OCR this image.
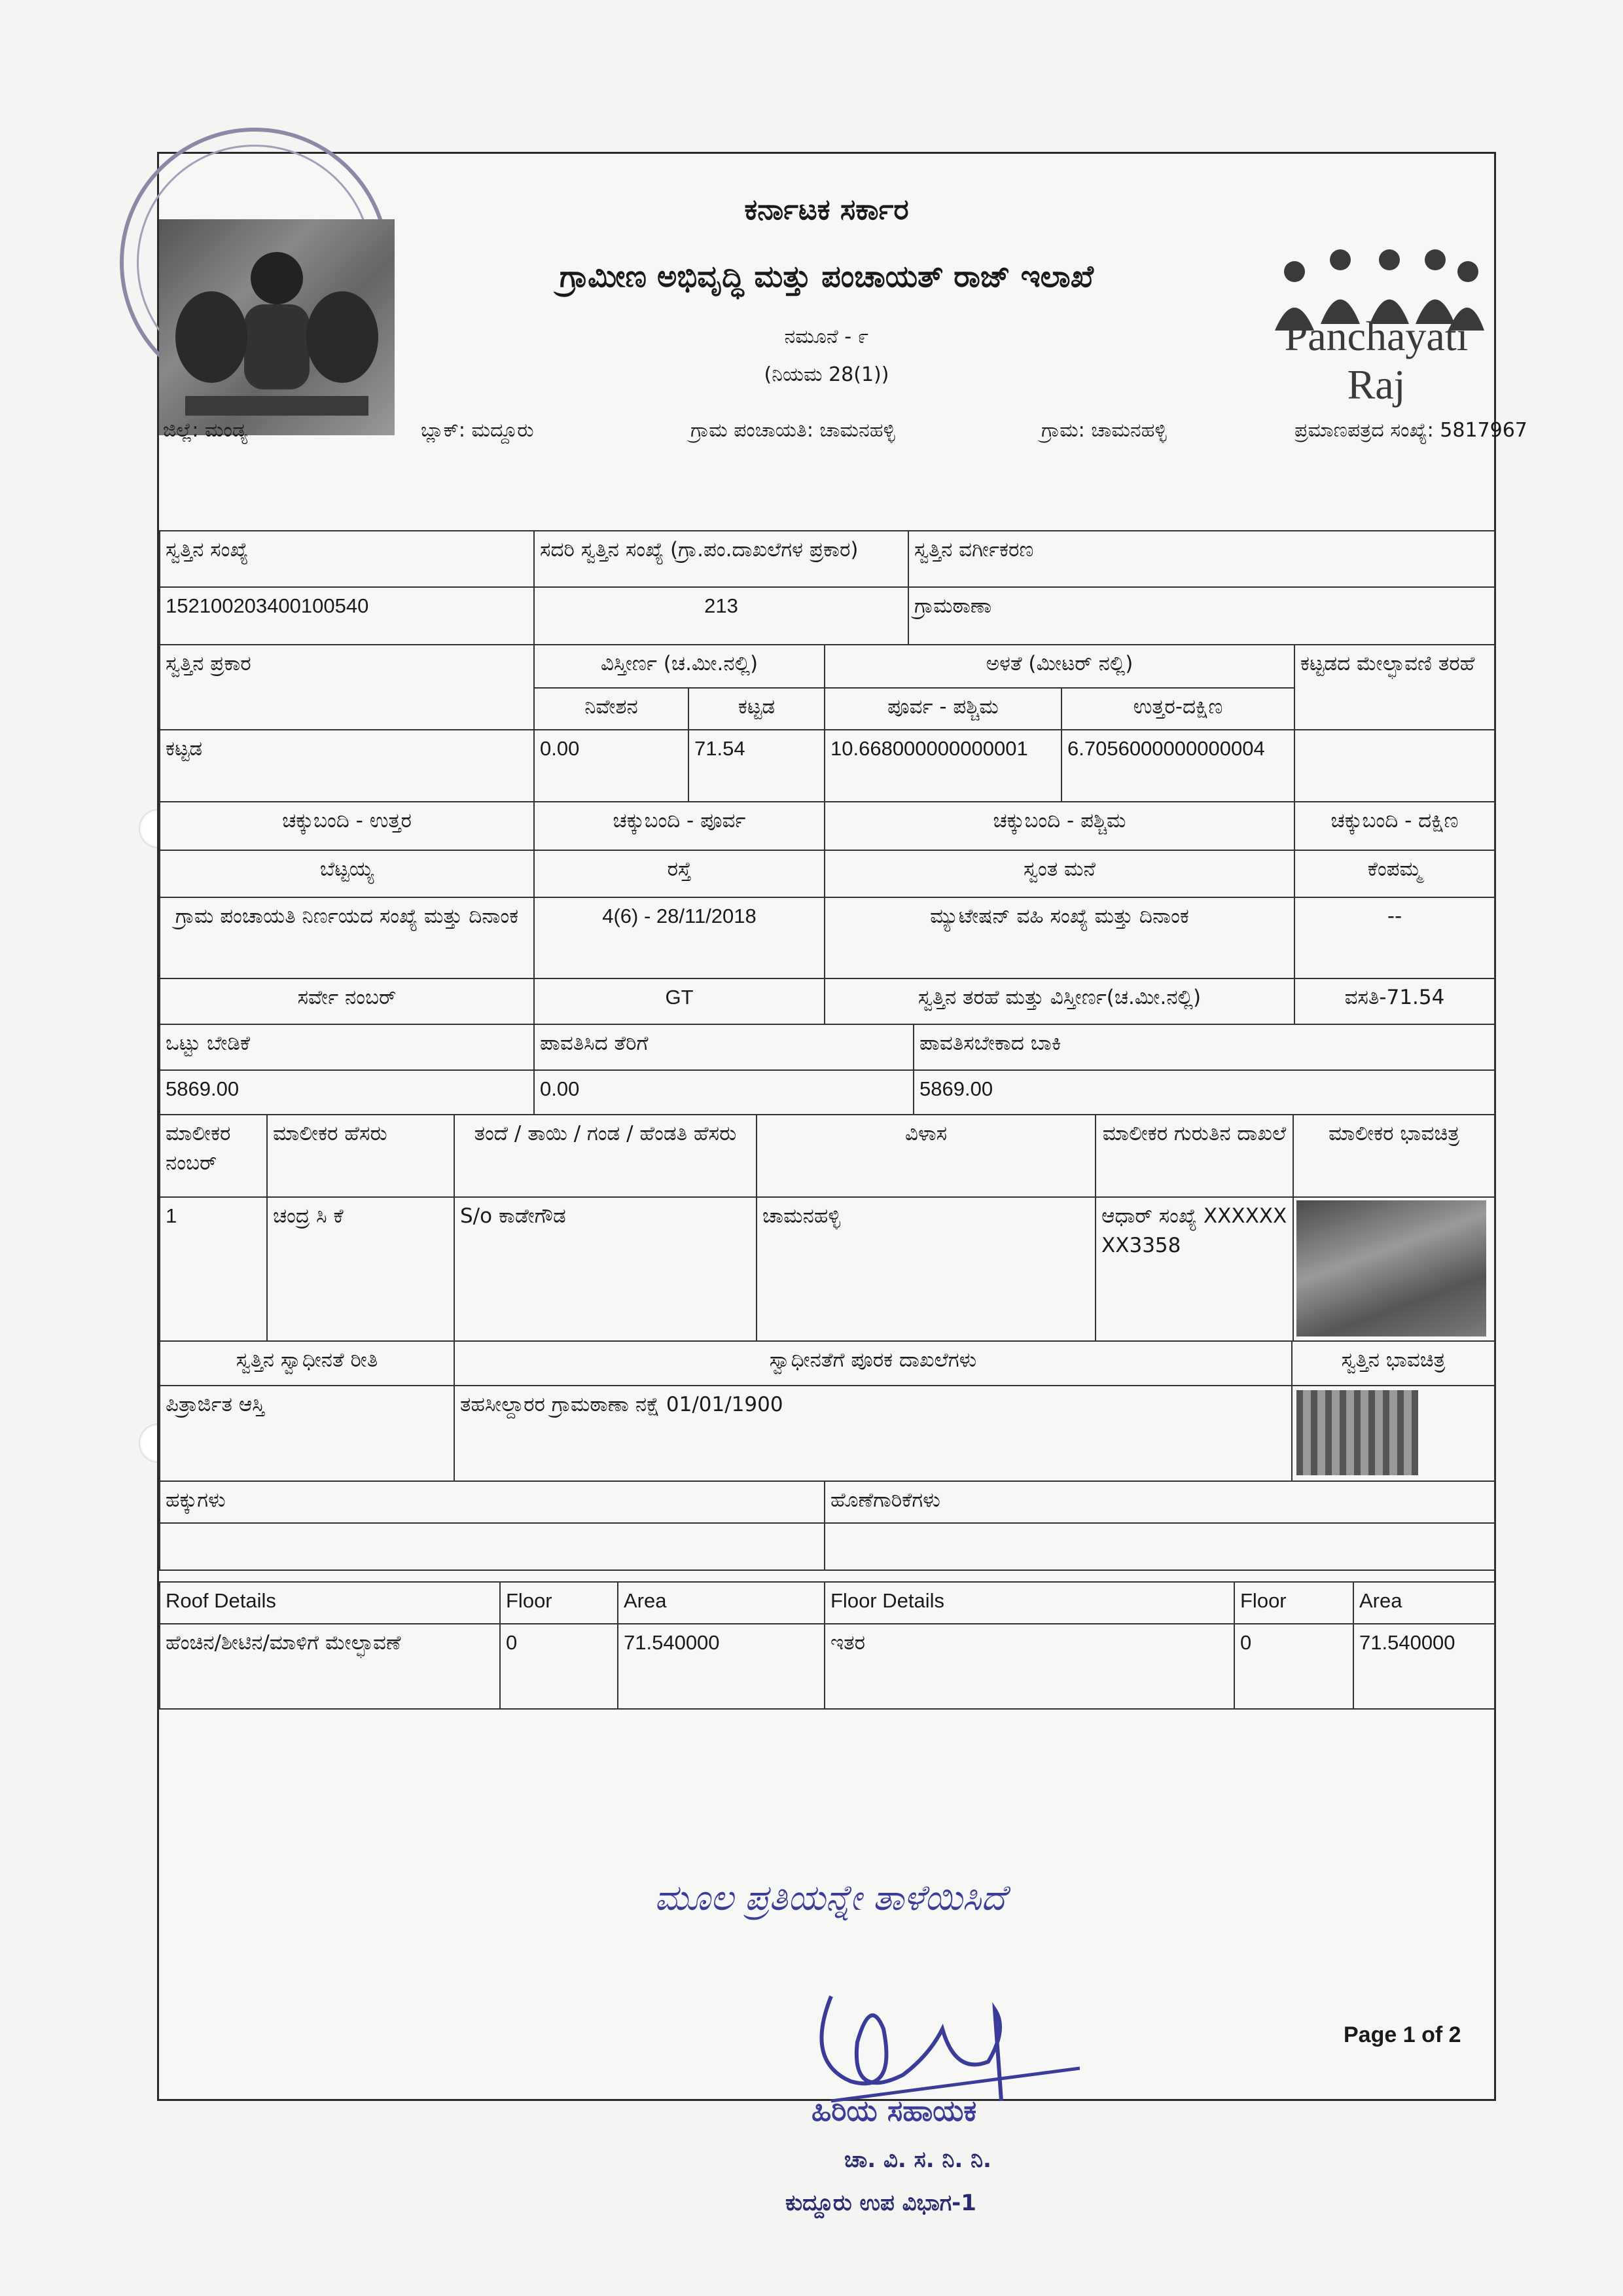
ಕರ್ನಾಟಕ ಸರ್ಕಾರ
ಗ್ರಾಮೀಣ ಅಭಿವೃದ್ಧಿ ಮತ್ತು ಪಂಚಾಯತ್ ರಾಜ್ ಇಲಾಖೆ
ನಮೂನೆ - ೯
(ನಿಯಮ 28(1))
Panchayati Raj
ಜಿಲ್ಲೆ: ಮಂಡ್ಯ	ಬ್ಲಾಕ್: ಮದ್ದೂರು	ಗ್ರಾಮ ಪಂಚಾಯತಿ: ಚಾಮನಹಳ್ಳಿ	ಗ್ರಾಮ: ಚಾಮನಹಳ್ಳಿ	ಪ್ರಮಾಣಪತ್ರದ ಸಂಖ್ಯೆ: 5817967
ಸ್ವತ್ತಿನ ಸಂಖ್ಯೆ	ಸದರಿ ಸ್ವತ್ತಿನ ಸಂಖ್ಯೆ (ಗ್ರಾ.ಪಂ.ದಾಖಲೆಗಳ ಪ್ರಕಾರ)	ಸ್ವತ್ತಿನ ವರ್ಗೀಕರಣ
152100203400100540	213	ಗ್ರಾಮಠಾಣಾ
ಸ್ವತ್ತಿನ ಪ್ರಕಾರ	ವಿಸ್ತೀರ್ಣ (ಚ.ಮೀ.ನಲ್ಲಿ)		ಅಳತೆ (ಮೀಟರ್ ನಲ್ಲಿ)		ಕಟ್ಟಡದ ಮೇಲ್ಛಾವಣಿ ತರಹೆ
	ನಿವೇಶನ	ಕಟ್ಟಡ	ಪೂರ್ವ - ಪಶ್ಚಿಮ	ಉತ್ತರ-ದಕ್ಷಿಣ	
ಕಟ್ಟಡ	0.00	71.54	10.668000000000001	6.7056000000000004	
ಚಕ್ಕುಬಂದಿ - ಉತ್ತರ	ಚಕ್ಕುಬಂದಿ - ಪೂರ್ವ	ಚಕ್ಕುಬಂದಿ - ಪಶ್ಚಿಮ	ಚಕ್ಕುಬಂದಿ - ದಕ್ಷಿಣ
ಬೆಟ್ಟಯ್ಯ	ರಸ್ತೆ	ಸ್ವಂತ ಮನೆ	ಕೆಂಪಮ್ಮ
ಗ್ರಾಮ ಪಂಚಾಯತಿ ನಿರ್ಣಯದ ಸಂಖ್ಯೆ ಮತ್ತು ದಿನಾಂಕ	4(6) - 28/11/2018	ಮ್ಯುಟೇಷನ್ ವಹಿ ಸಂಖ್ಯೆ ಮತ್ತು ದಿನಾಂಕ	--
ಸರ್ವೇ ನಂಬರ್	GT	ಸ್ವತ್ತಿನ ತರಹೆ ಮತ್ತು ವಿಸ್ತೀರ್ಣ(ಚ.ಮೀ.ನಲ್ಲಿ)	ವಸತಿ-71.54
ಒಟ್ಟು ಬೇಡಿಕೆ	ಪಾವತಿಸಿದ ತೆರಿಗೆ	ಪಾವತಿಸಬೇಕಾದ ಬಾಕಿ
5869.00	0.00	5869.00
ಮಾಲೀಕರ ನಂಬರ್	ಮಾಲೀಕರ ಹೆಸರು	ತಂದೆ / ತಾಯಿ / ಗಂಡ / ಹೆಂಡತಿ ಹೆಸರು	ವಿಳಾಸ	ಮಾಲೀಕರ ಗುರುತಿನ ದಾಖಲೆ	ಮಾಲೀಕರ ಭಾವಚಿತ್ರ
1	ಚಂದ್ರ ಸಿ ಕೆ	S/o ಕಾಡೇಗೌಡ	ಚಾಮನಹಳ್ಳಿ	ಆಧಾರ್ ಸಂಖ್ಯೆ XXXXXXXX3358	
ಸ್ವತ್ತಿನ ಸ್ವಾಧೀನತೆ ರೀತಿ	ಸ್ವಾಧೀನತೆಗೆ ಪೂರಕ ದಾಖಲೆಗಳು	ಸ್ವತ್ತಿನ ಭಾವಚಿತ್ರ
ಪಿತ್ರಾರ್ಜಿತ ಆಸ್ತಿ	ತಹಸೀಲ್ದಾರರ ಗ್ರಾಮಠಾಣಾ ನಕ್ಷೆ 01/01/1900	
ಹಕ್ಕುಗಳು	ಹೊಣೆಗಾರಿಕೆಗಳು

Roof Details	Floor	Area	Floor Details	Floor	Area
ಹೆಂಚಿನ/ಶೀಟಿನ/ಮಾಳಿಗೆ ಮೇಲ್ಛಾವಣೆ	0	71.540000	ಇತರ	0	71.540000
Page 1 of 2
ಮೂಲ ಪ್ರತಿಯನ್ನೇ ತಾಳೆಯಿಸಿದೆ
ಹಿರಿಯ ಸಹಾಯಕ
ಚಾ. ವಿ. ಸ. ನಿ. ನಿ.
ಕುದ್ದೂರು ಉಪ ವಿಭಾಗ-1
